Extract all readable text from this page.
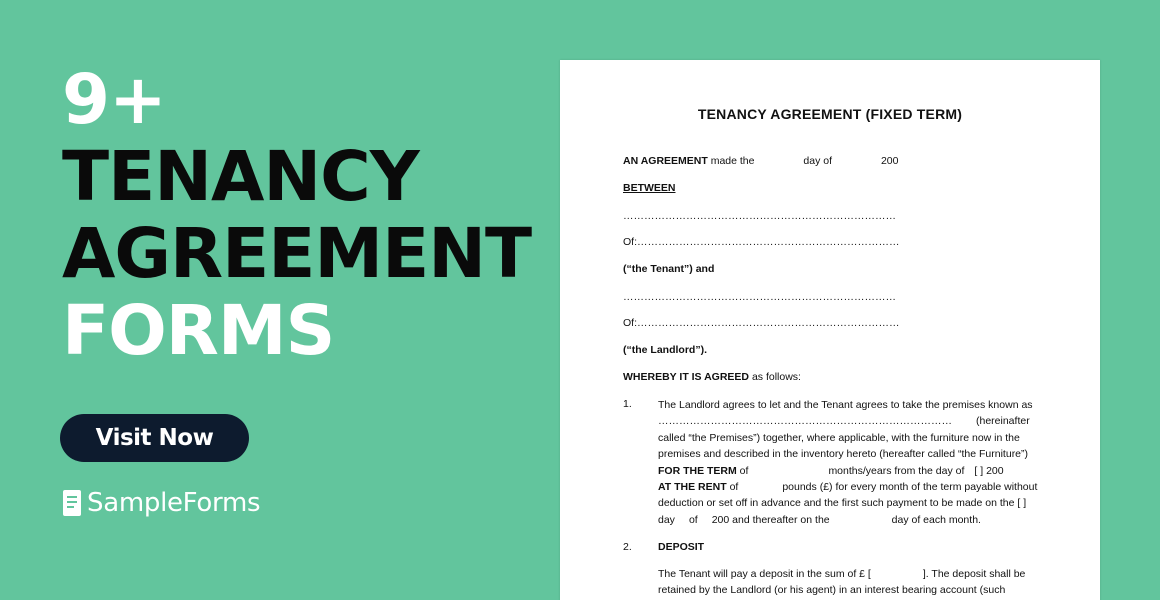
9+
TENANCY
AGREEMENT
FORMS
Visit Now
SampleForms
TENANCY AGREEMENT (FIXED TERM)
AN AGREEMENT made the	day of	200
BETWEEN
……………………………………………………………………
Of:…………………………………………………………………
(“the Tenant”) and
……………………………………………………………………
Of:…………………………………………………………………
(“the Landlord”).
WHEREBY IT IS AGREED as follows:
1. The Landlord agrees to let and the Tenant agrees to take the premises known as
………………………………………………………………………… (hereinafter
called “the Premises”) together, where applicable, with the furniture now in the
premises and described in the inventory hereto (hereafter called “the Furniture”)
FOR THE TERM of	months/years from the day of [ ] 200
AT THE RENT of	pounds (£) for every month of the term payable without
deduction or set off in advance and the first such payment to be made on the [ ]
day of 200 and thereafter on the	day of each month.
2. DEPOSIT
The Tenant will pay a deposit in the sum of £ [	]. The deposit shall be
retained by the Landlord (or his agent) in an interest bearing account (such
